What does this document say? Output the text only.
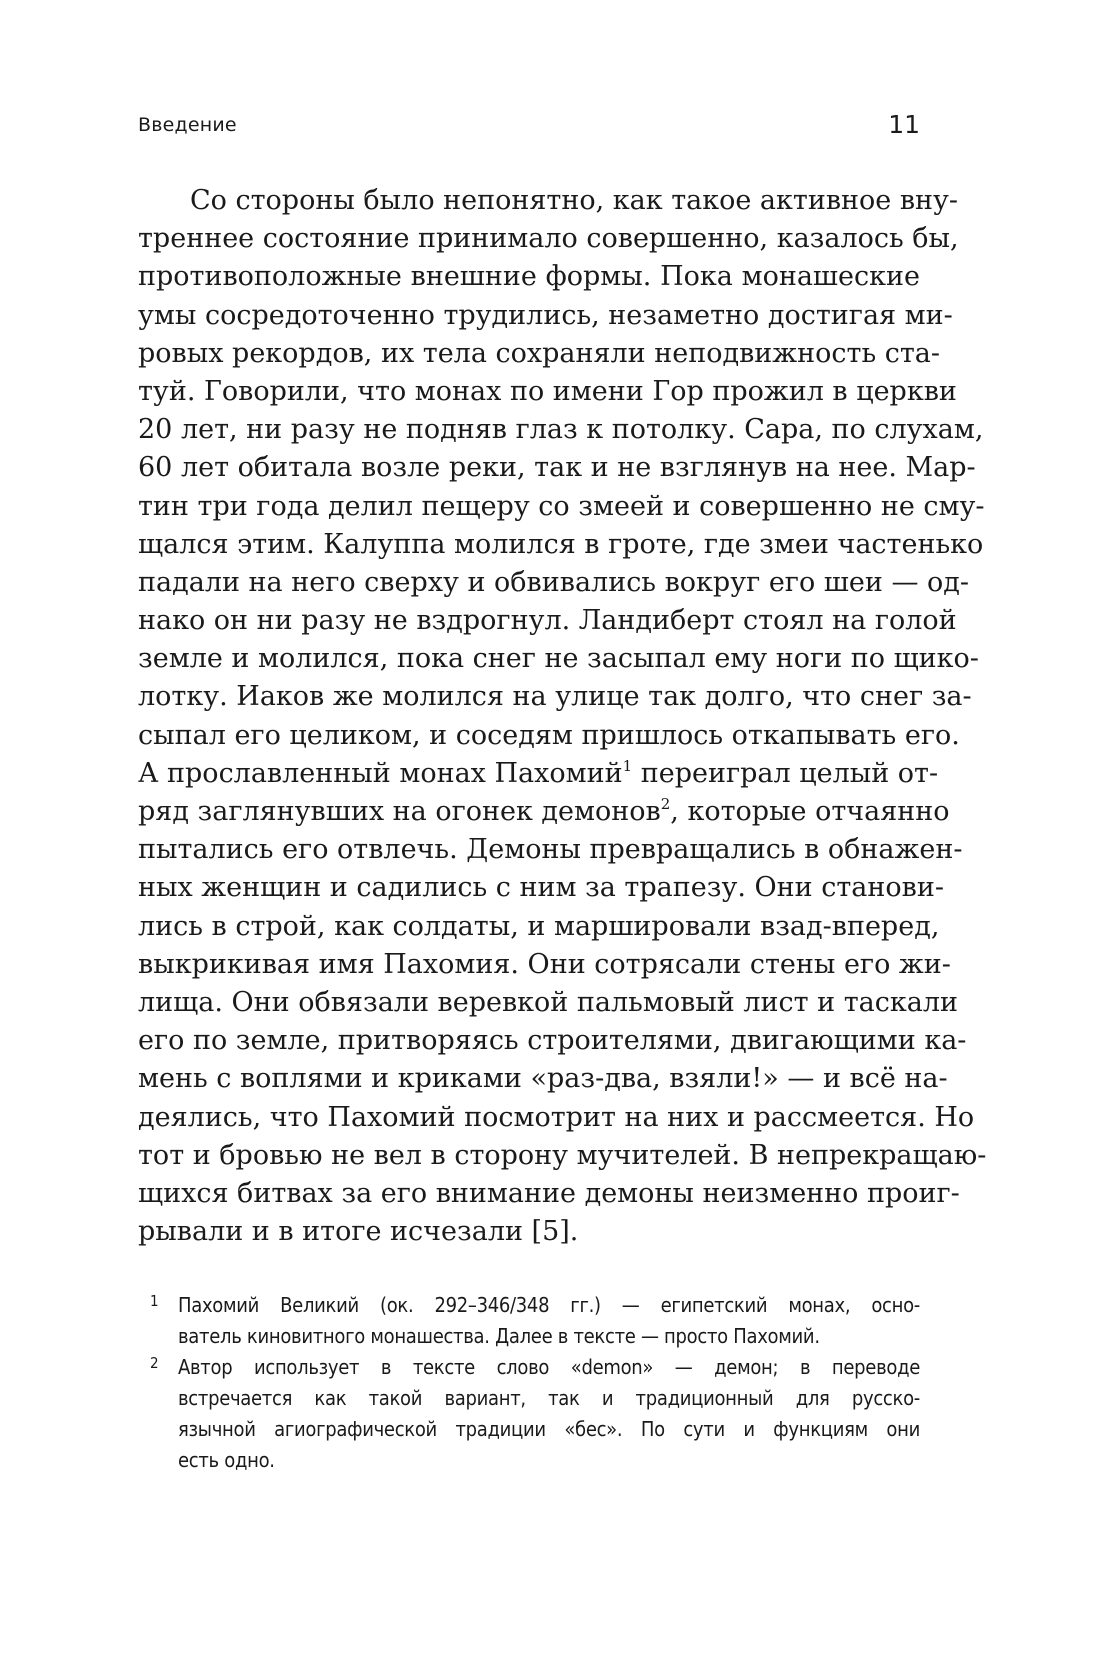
Введение	11
Со стороны было непонятно, как такое активное вну-
треннее состояние принимало совершенно, казалось бы,
противоположные внешние формы. Пока монашеские
умы сосредоточенно трудились, незаметно достигая ми-
ровых рекордов, их тела сохраняли неподвижность ста-
туй. Говорили, что монах по имени Гор прожил в церкви
20 лет, ни разу не подняв глаз к потолку. Сара, по слухам,
60 лет обитала возле реки, так и не взглянув на нее. Мар-
тин три года делил пещеру со змеей и совершенно не сму-
щался этим. Калуппа молился в гроте, где змеи частенько
падали на него сверху и обвивались вокруг его шеи — од-
нако он ни разу не вздрогнул. Ландиберт стоял на голой
земле и молился, пока снег не засыпал ему ноги по щико-
лотку. Иаков же молился на улице так долго, что снег за-
сыпал его целиком, и соседям пришлось откапывать его.
А прославленный монах Пахомий$^1$ переиграл целый от-
ряд заглянувших на огонек демонов$^2$, которые отчаянно
пытались его отвлечь. Демоны превращались в обнажен-
ных женщин и садились с ним за трапезу. Они станови-
лись в строй, как солдаты, и маршировали взад-вперед,
выкрикивая имя Пахомия. Они сотрясали стены его жи-
лища. Они обвязали веревкой пальмовый лист и таскали
его по земле, притворяясь строителями, двигающими ка-
мень с воплями и криками «раз-два, взяли!» — и всё на-
деялись, что Пахомий посмотрит на них и рассмеется. Но
тот и бровью не вел в сторону мучителей. В непрекращаю-
щихся битвах за его внимание демоны неизменно проиг-
рывали и в итоге исчезали [5].
1 Пахомий Великий (ок. 292–346/348 гг.) — египетский монах, осно-
ватель киновитного монашества. Далее в тексте — просто Пахомий.
2 Автор использует в тексте слово «demon» — демон; в переводе
встречается как такой вариант, так и традиционный для русско-
язычной агиографической традиции «бес». По сути и функциям они
есть одно.
